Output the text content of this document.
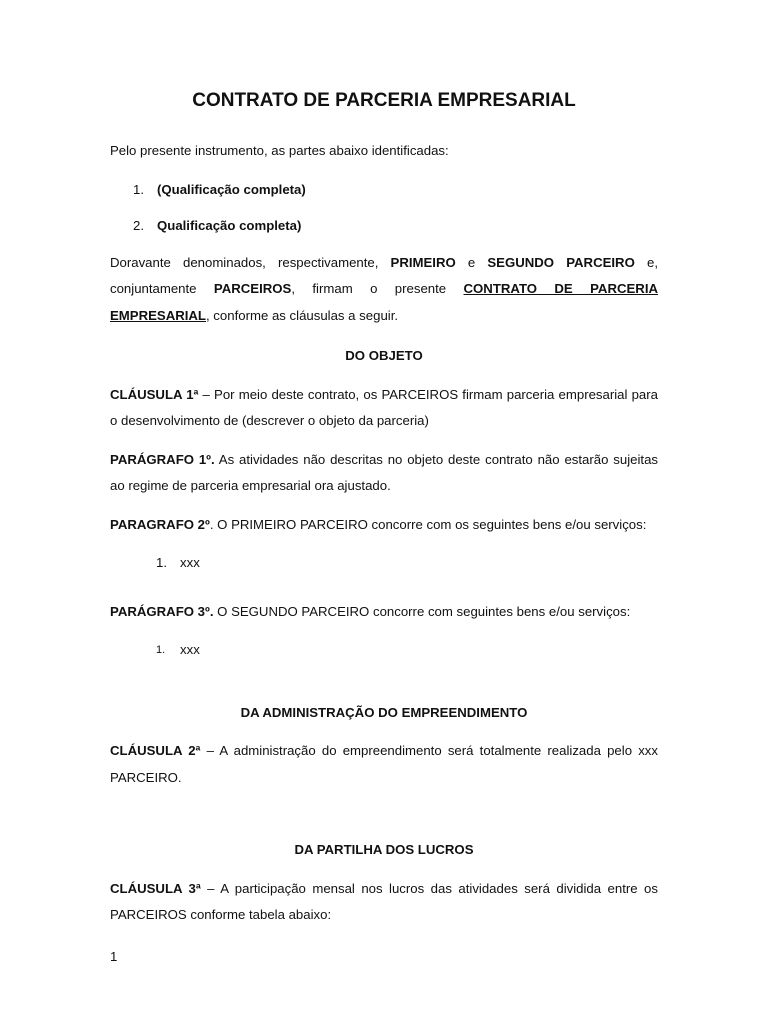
CONTRATO DE PARCERIA EMPRESARIAL

Pelo presente instrumento, as partes abaixo identificadas:

1. (Qualificação completa)
2. Qualificação completa)

Doravante denominados, respectivamente, PRIMEIRO e SEGUNDO PARCEIRO e, conjuntamente PARCEIROS, firmam o presente CONTRATO DE PARCERIA EMPRESARIAL, conforme as cláusulas a seguir.

DO OBJETO

CLÁUSULA 1ª – Por meio deste contrato, os PARCEIROS firmam parceria empresarial para o desenvolvimento de (descrever o objeto da parceria)

PARÁGRAFO 1º. As atividades não descritas no objeto deste contrato não estarão sujeitas ao regime de parceria empresarial ora ajustado.

PARAGRAFO 2º. O PRIMEIRO PARCEIRO concorre com os seguintes bens e/ou serviços:

1. xxx

PARÁGRAFO 3º. O SEGUNDO PARCEIRO concorre com seguintes bens e/ou serviços:

1.	xxx
DA ADMINISTRAÇÃO DO EMPREENDIMENTO

CLÁUSULA 2ª – A administração do empreendimento será totalmente realizada pelo xxx PARCEIRO.

DA PARTILHA DOS LUCROS

CLÁUSULA 3ª – A participação mensal nos lucros das atividades será dividida entre os PARCEIROS conforme tabela abaixo:

1
